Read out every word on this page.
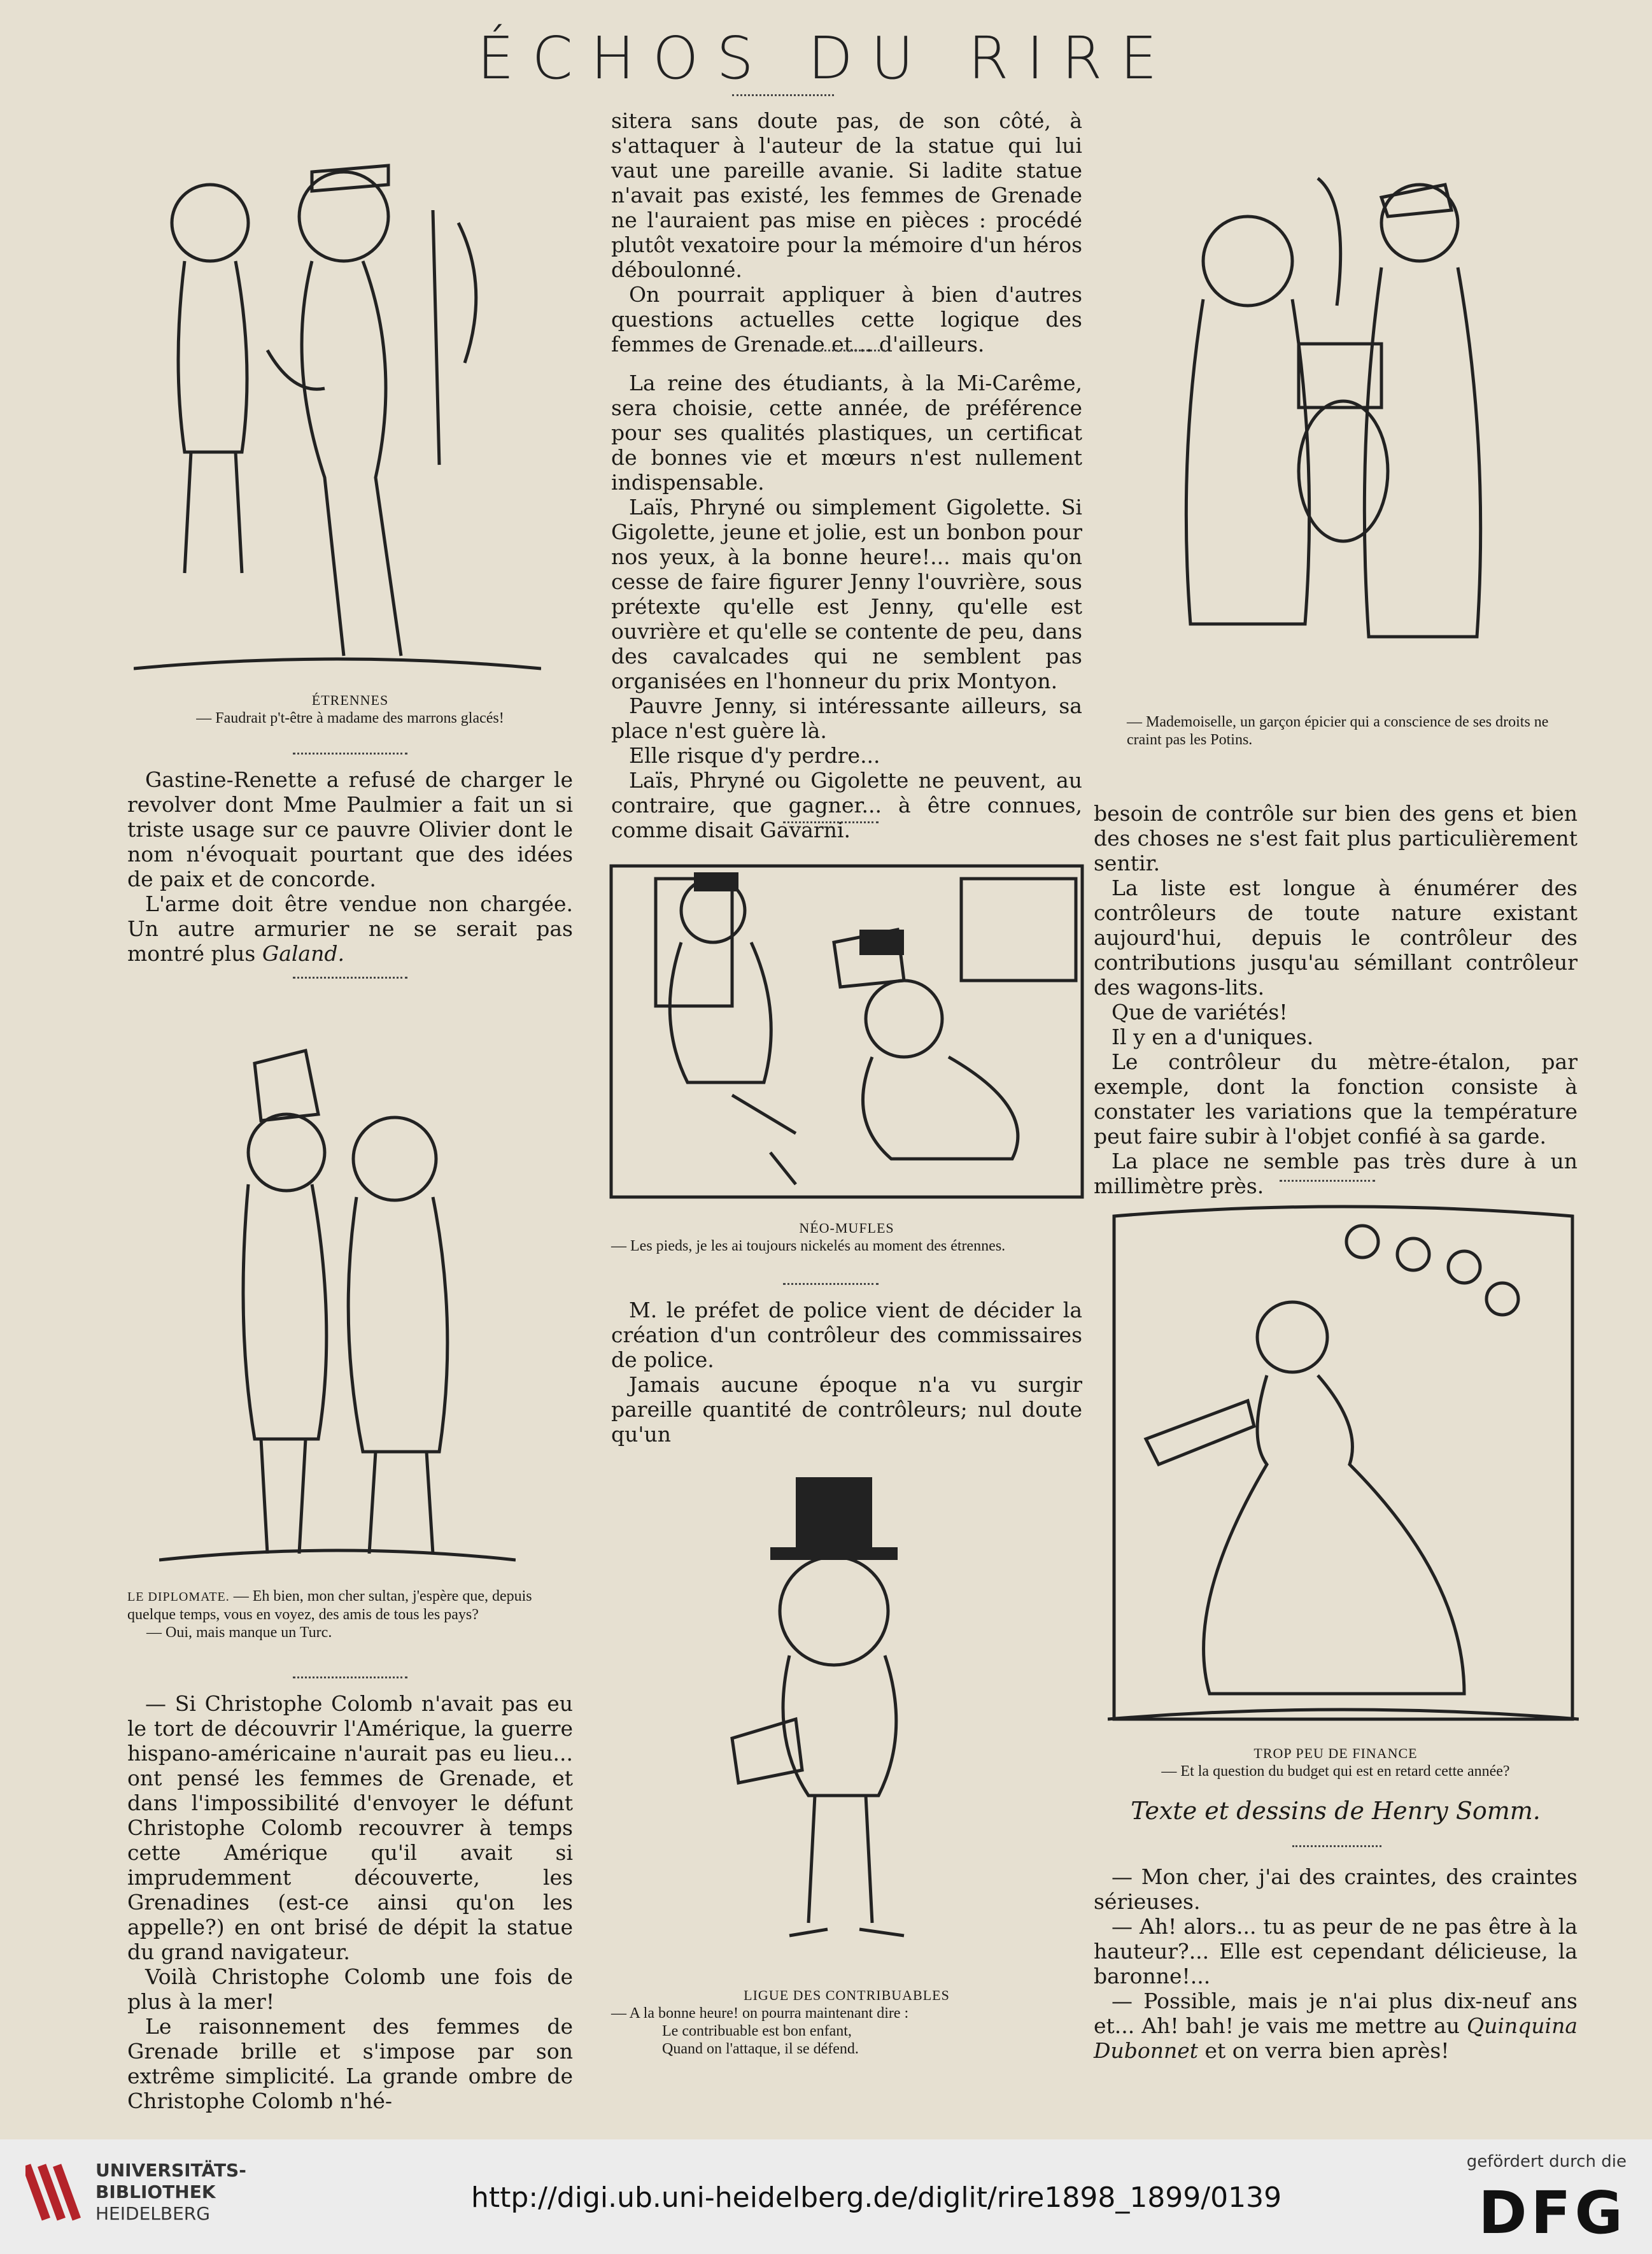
ÉCHOS DU RIRE
ÉTRENNES
— Faudrait p't-être à madame des marrons glacés!

Gastine-Renette a refusé de charger le revolver dont Mme Paulmier a fait un si triste usage sur ce pauvre Olivier dont le nom n'évoquait pourtant que des idées de paix et de concorde.

L'arme doit être vendue non chargée. Un autre armurier ne se serait pas montré plus Galand.

LE DIPLOMATE. — Eh bien, mon cher sultan, j'espère que, depuis quelque temps, vous en voyez, des amis de tous les pays?
— Oui, mais manque un Turc.

— Si Christophe Colomb n'avait pas eu le tort de découvrir l'Amérique, la guerre hispano-américaine n'aurait pas eu lieu... ont pensé les femmes de Grenade, et dans l'impossibilité d'envoyer le défunt Christophe Colomb recouvrer à temps cette Amérique qu'il avait si imprudemment découverte, les Grenadines (est-ce ainsi qu'on les appelle?) en ont brisé de dépit la statue du grand navigateur.

Voilà Christophe Colomb une fois de plus à la mer!

Le raisonnement des femmes de Grenade brille et s'impose par son extrême simplicité. La grande ombre de Christophe Colomb n'hé-

sitera sans doute pas, de son côté, à s'attaquer à l'auteur de la statue qui lui vaut une pareille avanie. Si ladite statue n'avait pas existé, les femmes de Grenade ne l'auraient pas mise en pièces : procédé plutôt vexatoire pour la mémoire d'un héros déboulonné.

On pourrait appliquer à bien d'autres questions actuelles cette logique des femmes de Grenade et... d'ailleurs.

La reine des étudiants, à la Mi-Carême, sera choisie, cette année, de préférence pour ses qualités plastiques, un certificat de bonnes vie et mœurs n'est nullement indispensable.

Laïs, Phryné ou simplement Gigolette. Si Gigolette, jeune et jolie, est un bonbon pour nos yeux, à la bonne heure!... mais qu'on cesse de faire figurer Jenny l'ouvrière, sous prétexte qu'elle est Jenny, qu'elle est ouvrière et qu'elle se contente de peu, dans des cavalcades qui ne semblent pas organisées en l'honneur du prix Montyon.

Pauvre Jenny, si intéressante ailleurs, sa place n'est guère là.

Elle risque d'y perdre...

Laïs, Phryné ou Gigolette ne peuvent, au contraire, que gagner... à être connues, comme disait Gavarni.

NÉO-MUFLES
— Les pieds, je les ai toujours nickelés au moment des étrennes.

M. le préfet de police vient de décider la création d'un contrôleur des commissaires de police.

Jamais aucune époque n'a vu surgir pareille quantité de contrôleurs; nul doute qu'un

LIGUE DES CONTRIBUABLES
— A la bonne heure! on pourra maintenant dire :
Le contribuable est bon enfant,
Quand on l'attaque, il se défend.
— Mademoiselle, un garçon épicier qui a conscience de ses droits ne craint pas les Potins.

besoin de contrôle sur bien des gens et bien des choses ne s'est fait plus particulièrement sentir.

La liste est longue à énumérer des contrôleurs de toute nature existant aujourd'hui, depuis le contrôleur des contributions jusqu'au sémillant contrôleur des wagons-lits.

Que de variétés!

Il y en a d'uniques.

Le contrôleur du mètre-étalon, par exemple, dont la fonction consiste à constater les variations que la température peut faire subir à l'objet confié à sa garde.

La place ne semble pas très dure à un millimètre près.

TROP PEU DE FINANCE
— Et la question du budget qui est en retard cette année?
Texte et dessins de Henry Somm.

— Mon cher, j'ai des craintes, des craintes sérieuses.

— Ah! alors... tu as peur de ne pas être à la hauteur?... Elle est cependant délicieuse, la baronne!...

— Possible, mais je n'ai plus dix-neuf ans et... Ah! bah! je vais me mettre au Quinquina Dubonnet et on verra bien après!

UNIVERSITÄTS-
BIBLIOTHEK
HEIDELBERG	http://digi.ub.uni-heidelberg.de/diglit/rire1898_1899/0139
gefördert durch die
DFG
